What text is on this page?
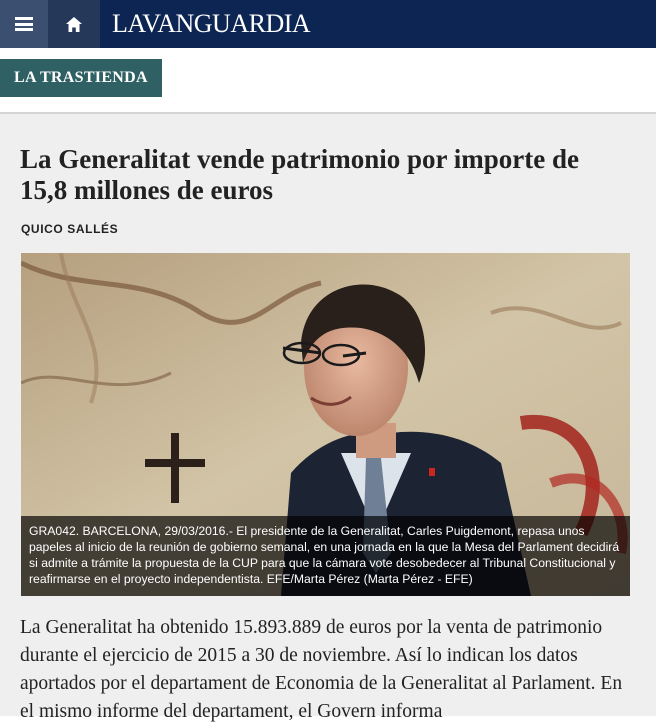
LAVANGUARDIA
LA TRASTIENDA
La Generalitat vende patrimonio por importe de 15,8 millones de euros
QUICO SALLÉS
GRA042. BARCELONA, 29/03/2016.- El presidente de la Generalitat, Carles Puigdemont, repasa unos papeles al inicio de la reunión de gobierno semanal, en una jornada en la que la Mesa del Parlament decidirá si admite a trámite la propuesta de la CUP para que la cámara vote desobedecer al Tribunal Constitucional y reafirmarse en el proyecto independentista. EFE/Marta Pérez (Marta Pérez - EFE)

La Generalitat ha obtenido 15.893.889 de euros por la venta de patrimonio durante el ejercicio de 2015 a 30 de noviembre. Así lo indican los datos aportados por el departament de Economia de la Generalitat al Parlament. En el mismo informe del departament, el Govern informa
